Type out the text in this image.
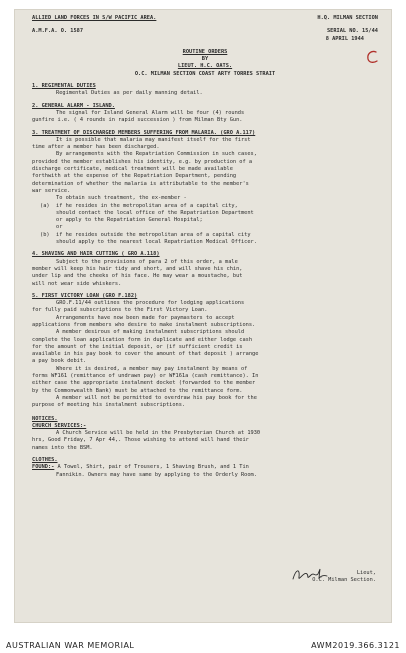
ALLIED LAND FORCES IN S/W PACIFIC AREA.	H.Q. MILMAN SECTION
A.M.F.A. O. 1587	SERIAL NO. 15/44
8 APRIL 1944
ROUTINE ORDERS
BY
LIEUT. H.C. OATS.
O.C. MILMAN SECTION COAST ARTY TORRES STRAIT
1. REGIMENTAL DUTIES
Regimental Duties as per daily manning detail.
2. GENERAL ALARM - ISLAND.
The signal for Island General Alarm will be four (4) rounds
gunfire i.e. ( 4 rounds in rapid succession ) from Milman Bty Gun.
3. TREATMENT OF DISCHARGED MEMBERS SUFFERING FROM MALARIA. (GRO A.117)
It is possible that malaria may manifest itself for the first
time after a member has been discharged.
By arrangements with the Repatriation Commission in such cases,
provided the member establishes his identity, e.g. by production of a
discharge certificate, medical treatment will be made available
forthwith at the expense of the Repatriation Department, pending
determination of whether the malaria is attributable to the member's
war service.
To obtain such treatment, the ex-member -
(a)	if he resides in the metropolitan area of a capital city,
should contact the local office of the Repatriation Department
or apply to the Repatriation General Hospital;
or
(b)	if he resides outside the metropolitan area of a capital city
should apply to the nearest local Repatriation Medical Officer.
4. SHAVING AND HAIR CUTTING ( GRO A.118)
Subject to the provisions of para 2 of this order, a male
member will keep his hair tidy and short, and will shave his chin,
under lip and the cheeks of his face. He may wear a moustache, but
will not wear side whiskers.
5. FIRST VICTORY LOAN (GRO F.182)
GRO.F.11/44 outlines the procedure for lodging applications
for fully paid subscriptions to the First Victory Loan.
Arrangements have now been made for paymasters to accept
applications from members who desire to make instalment subscriptions.
A member desirous of making instalment subscriptions should
complete the loan application form in duplicate and either lodge cash
for the amount of the initial deposit, or (if sufficient credit is
available in his pay book to cover the amount of that deposit ) arrange
a pay book debit.
Where it is desired, a member may pay instalment by means of
forms WF161 (remittance of undrawn pay) or WF161a (cash remittance). In
either case the appropriate instalment docket (forwarded to the member
by the Commonwealth Bank) must be attached to the remittance form.
A member will not be permitted to overdraw his pay book for the
purpose of meeting his instalment subscriptions.
NOTICES.
CHURCH SERVICES:-
A Church Service will be held in the Presbyterian Church at 1930
hrs, Good Friday, 7 Apr 44,. Those wishing to attend will hand their
names into the BSM.
CLOTHES.
FOUND:- A Towel, Shirt, pair of Trousers, 1 Shaving Brush, and 1 Tin
Fannikin. Owners may have same by applying to the Orderly Room.
Lieut,
O.C. Milman Section.
AUSTRALIAN WAR MEMORIAL	AWM2019.366.3121
